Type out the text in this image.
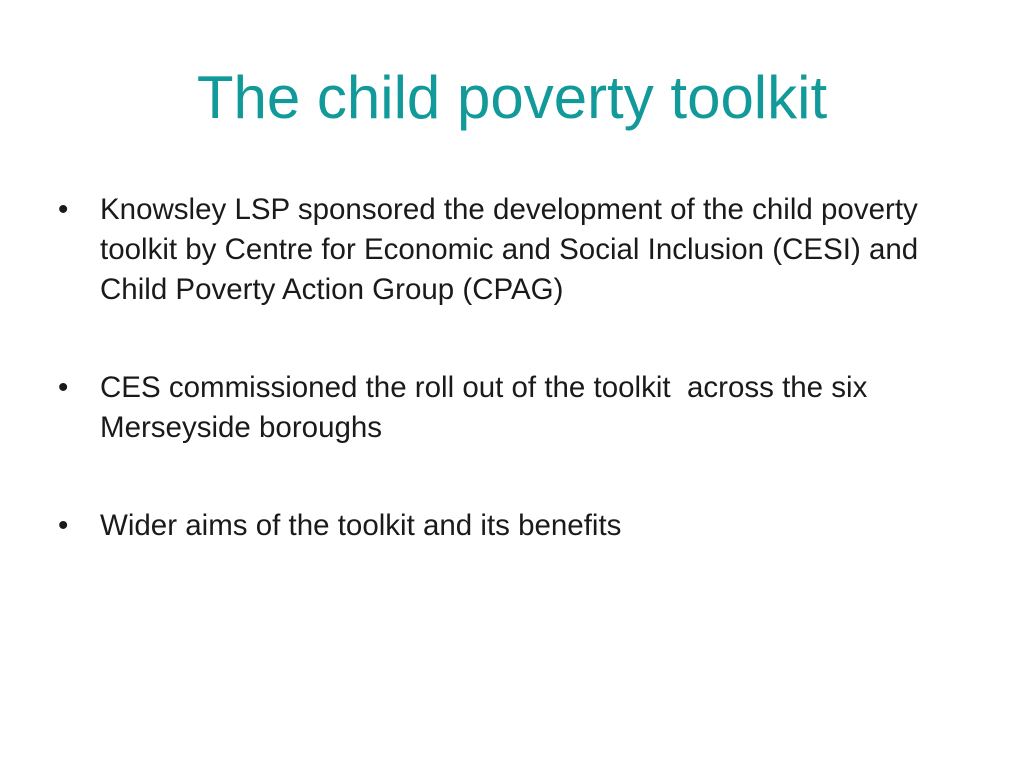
The child poverty toolkit
•	Knowsley LSP sponsored the development of the child poverty toolkit by Centre for Economic and Social Inclusion (CESI) and Child Poverty Action Group (CPAG)
•	CES commissioned the roll out of the toolkit  across the six Merseyside boroughs
•	Wider aims of the toolkit and its benefits
